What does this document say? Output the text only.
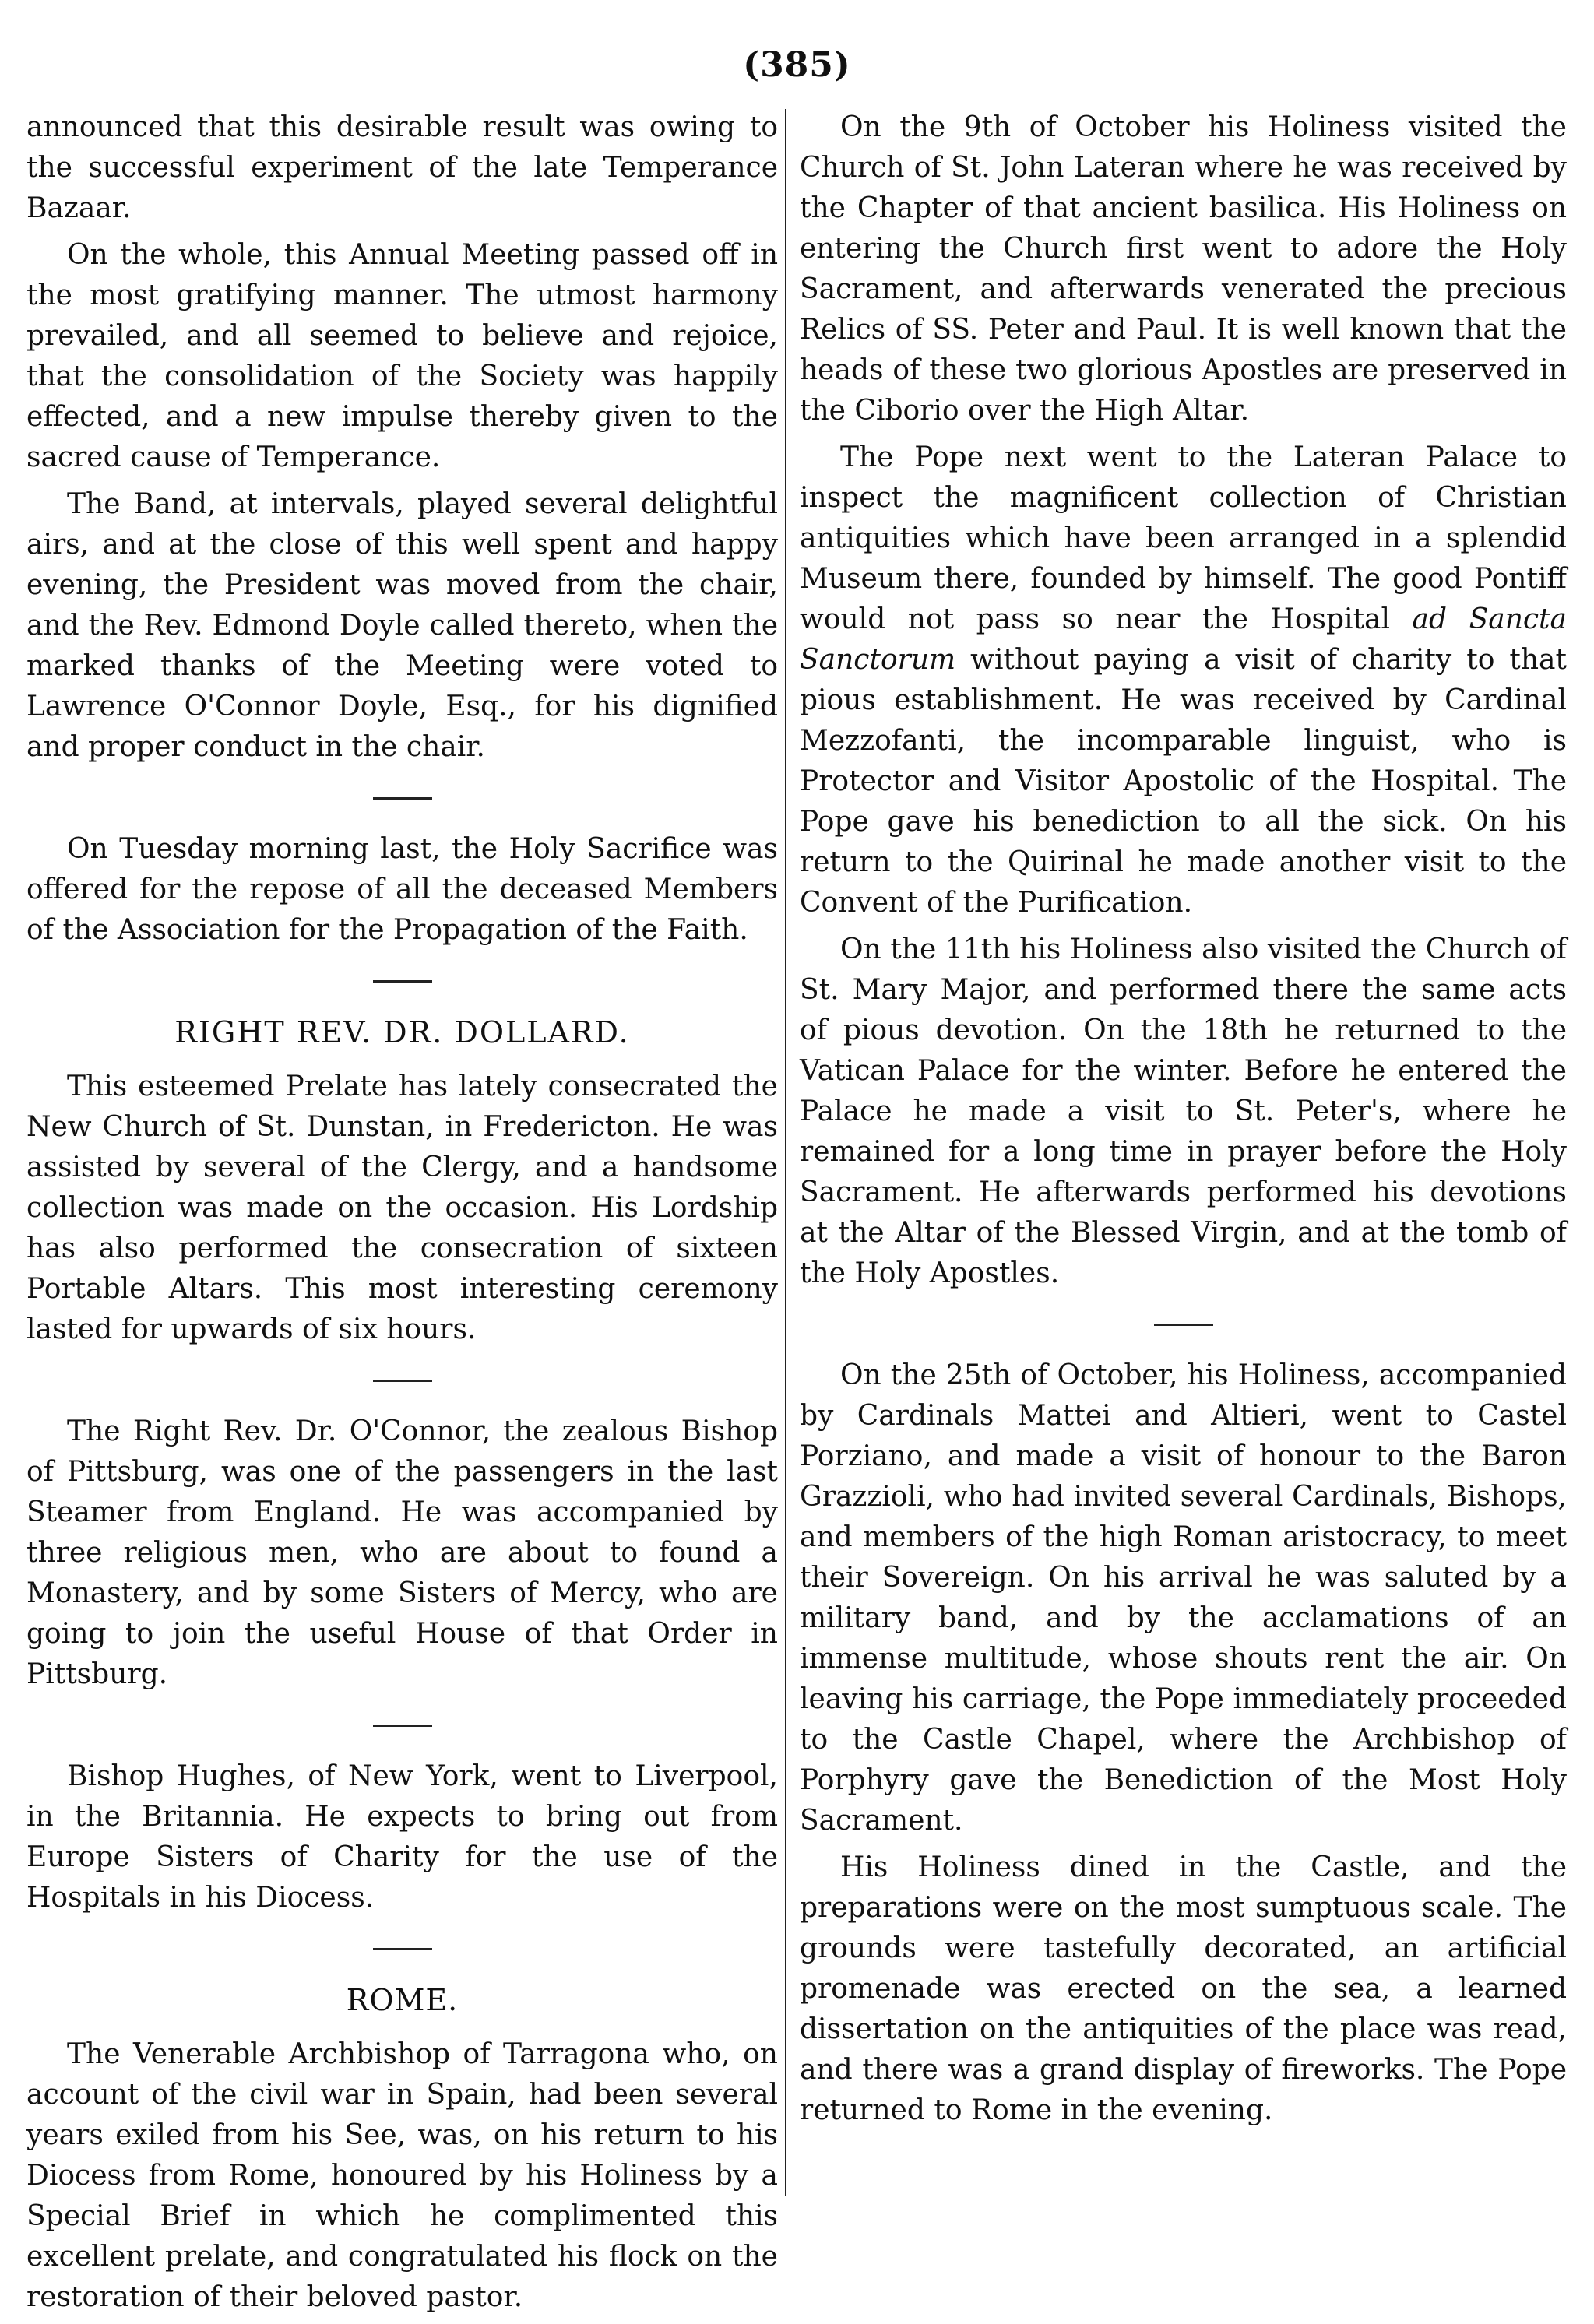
(385)

announced that this desirable result was owing to the successful experiment of the late Temperance Bazaar.

On the whole, this Annual Meeting passed off in the most gratifying manner. The utmost harmony prevailed, and all seemed to believe and rejoice, that the consolidation of the Society was happily effected, and a new impulse thereby given to the sacred cause of Temperance.

The Band, at intervals, played several delightful airs, and at the close of this well spent and happy evening, the President was moved from the chair, and the Rev. Edmond Doyle called thereto, when the marked thanks of the Meeting were voted to Lawrence O'Connor Doyle, Esq., for his dignified and proper conduct in the chair.

On Tuesday morning last, the Holy Sacrifice was offered for the repose of all the deceased Members of the Association for the Propagation of the Faith.

RIGHT REV. DR. DOLLARD.

This esteemed Prelate has lately consecrated the New Church of St. Dunstan, in Fredericton. He was assisted by several of the Clergy, and a handsome collection was made on the occasion. His Lordship has also performed the consecration of sixteen Portable Altars. This most interesting ceremony lasted for upwards of six hours.

The Right Rev. Dr. O'Connor, the zealous Bishop of Pittsburg, was one of the passengers in the last Steamer from England. He was accompanied by three religious men, who are about to found a Monastery, and by some Sisters of Mercy, who are going to join the useful House of that Order in Pittsburg.

Bishop Hughes, of New York, went to Liverpool, in the Britannia. He expects to bring out from Europe Sisters of Charity for the use of the Hospitals in his Diocess.

ROME.

The Venerable Archbishop of Tarragona who, on account of the civil war in Spain, had been several years exiled from his See, was, on his return to his Diocess from Rome, honoured by his Holiness by a Special Brief in which he complimented this excellent prelate, and congratulated his flock on the restoration of their beloved pastor.

On the 9th of October his Holiness visited the Church of St. John Lateran where he was received by the Chapter of that ancient basilica. His Holiness on entering the Church first went to adore the Holy Sacrament, and afterwards venerated the precious Relics of SS. Peter and Paul. It is well known that the heads of these two glorious Apostles are preserved in the Ciborio over the High Altar.

The Pope next went to the Lateran Palace to inspect the magnificent collection of Christian antiquities which have been arranged in a splendid Museum there, founded by himself. The good Pontiff would not pass so near the Hospital ad Sancta Sanctorum without paying a visit of charity to that pious establishment. He was received by Cardinal Mezzofanti, the incomparable linguist, who is Protector and Visitor Apostolic of the Hospital. The Pope gave his benediction to all the sick. On his return to the Quirinal he made another visit to the Convent of the Purification.

On the 11th his Holiness also visited the Church of St. Mary Major, and performed there the same acts of pious devotion. On the 18th he returned to the Vatican Palace for the winter. Before he entered the Palace he made a visit to St. Peter's, where he remained for a long time in prayer before the Holy Sacrament. He afterwards performed his devotions at the Altar of the Blessed Virgin, and at the tomb of the Holy Apostles.

On the 25th of October, his Holiness, accompanied by Cardinals Mattei and Altieri, went to Castel Porziano, and made a visit of honour to the Baron Grazzioli, who had invited several Cardinals, Bishops, and members of the high Roman aristocracy, to meet their Sovereign. On his arrival he was saluted by a military band, and by the acclamations of an immense multitude, whose shouts rent the air. On leaving his carriage, the Pope immediately proceeded to the Castle Chapel, where the Archbishop of Porphyry gave the Benediction of the Most Holy Sacrament.

His Holiness dined in the Castle, and the preparations were on the most sumptuous scale. The grounds were tastefully decorated, an artificial promenade was erected on the sea, a learned dissertation on the antiquities of the place was read, and there was a grand display of fireworks. The Pope returned to Rome in the evening.
